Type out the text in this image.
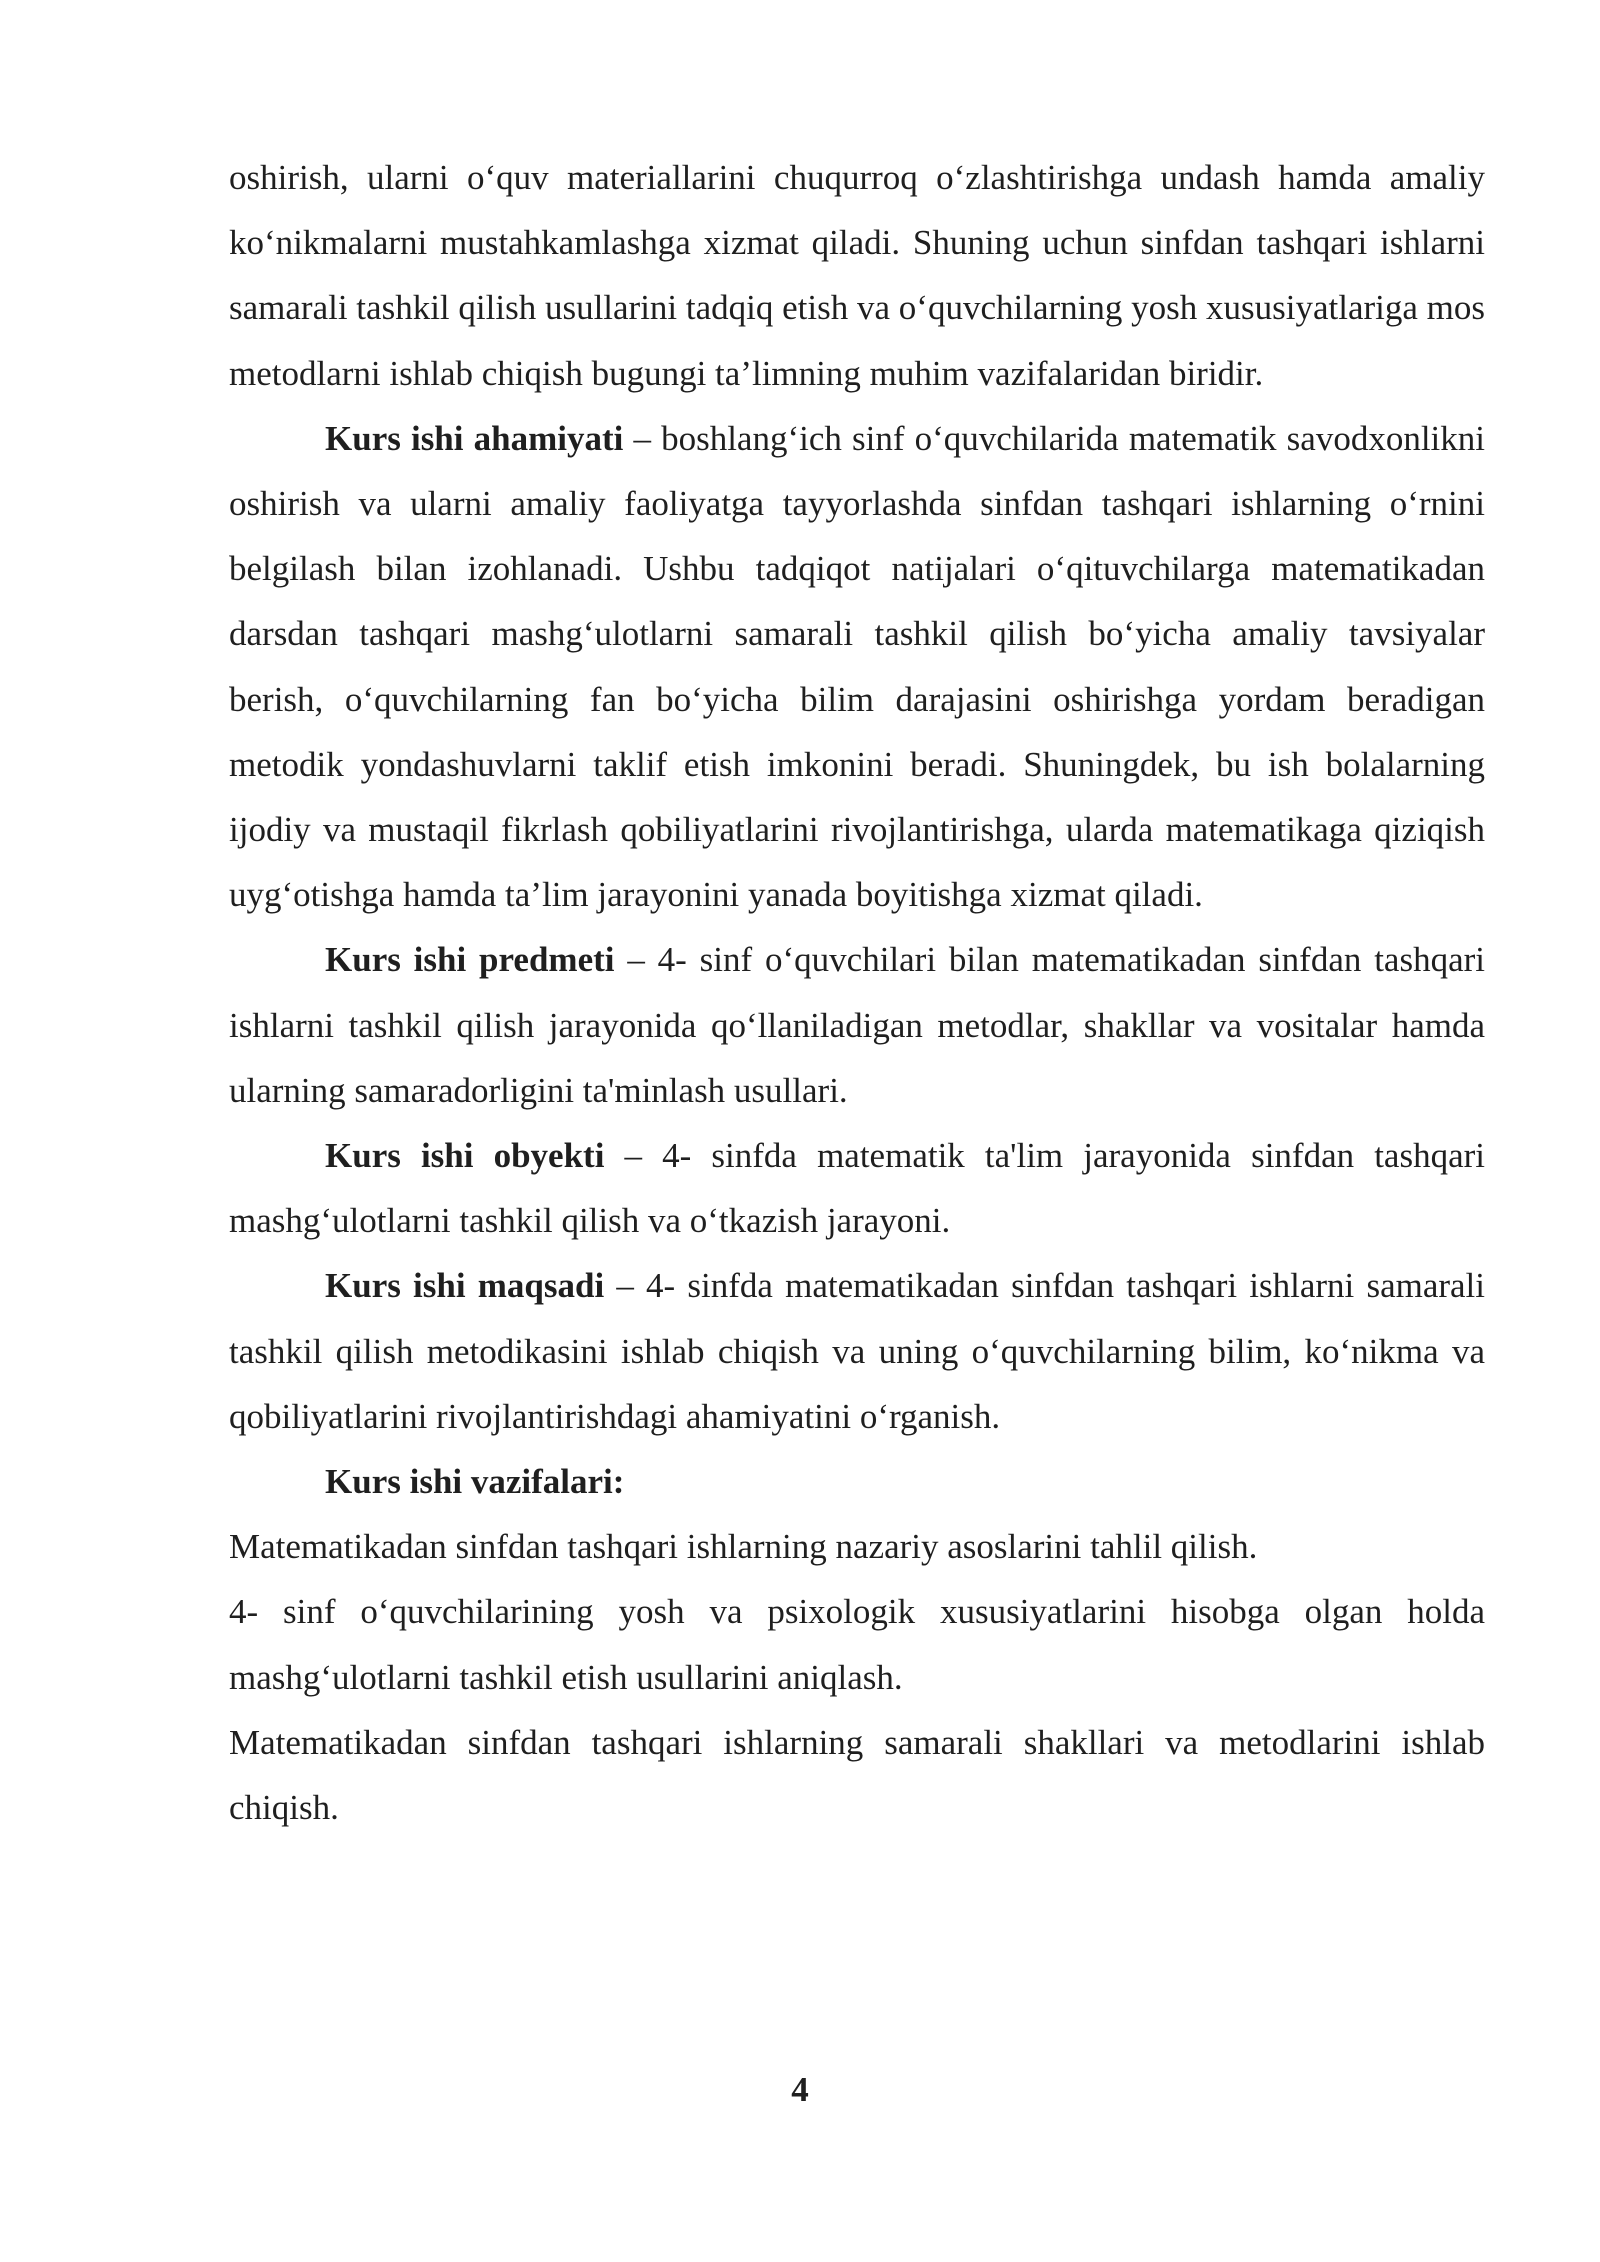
oshirish, ularni o‘quv materiallarini chuqurroq o‘zlashtirishga undash hamda amaliy ko‘nikmalarni mustahkamlashga xizmat qiladi. Shuning uchun sinfdan tashqari ishlarni samarali tashkil qilish usullarini tadqiq etish va o‘quvchilarning yosh xususiyatlariga mos metodlarni ishlab chiqish bugungi ta’limning muhim vazifalaridan biridir.

Kurs ishi ahamiyati – boshlang‘ich sinf o‘quvchilarida matematik savodxonlikni oshirish va ularni amaliy faoliyatga tayyorlashda sinfdan tashqari ishlarning o‘rnini belgilash bilan izohlanadi. Ushbu tadqiqot natijalari o‘qituvchilarga matematikadan darsdan tashqari mashg‘ulotlarni samarali tashkil qilish bo‘yicha amaliy tavsiyalar berish, o‘quvchilarning fan bo‘yicha bilim darajasini oshirishga yordam beradigan metodik yondashuvlarni taklif etish imkonini beradi. Shuningdek, bu ish bolalarning ijodiy va mustaqil fikrlash qobiliyatlarini rivojlantirishga, ularda matematikaga qiziqish uyg‘otishga hamda ta’lim jarayonini yanada boyitishga xizmat qiladi.

Kurs ishi predmeti – 4- sinf o‘quvchilari bilan matematikadan sinfdan tashqari ishlarni tashkil qilish jarayonida qo‘llaniladigan metodlar, shakllar va vositalar hamda ularning samaradorligini ta'minlash usullari.

Kurs ishi obyekti – 4- sinfda matematik ta'lim jarayonida sinfdan tashqari mashg‘ulotlarni tashkil qilish va o‘tkazish jarayoni.

Kurs ishi maqsadi – 4- sinfda matematikadan sinfdan tashqari ishlarni samarali tashkil qilish metodikasini ishlab chiqish va uning o‘quvchilarning bilim, ko‘nikma va qobiliyatlarini rivojlantirishdagi ahamiyatini o‘rganish.

Kurs ishi vazifalari:

Matematikadan sinfdan tashqari ishlarning nazariy asoslarini tahlil qilish.

4- sinf o‘quvchilarining yosh va psixologik xususiyatlarini hisobga olgan holda mashg‘ulotlarni tashkil etish usullarini aniqlash.

Matematikadan sinfdan tashqari ishlarning samarali shakllari va metodlarini ishlab chiqish.

4
